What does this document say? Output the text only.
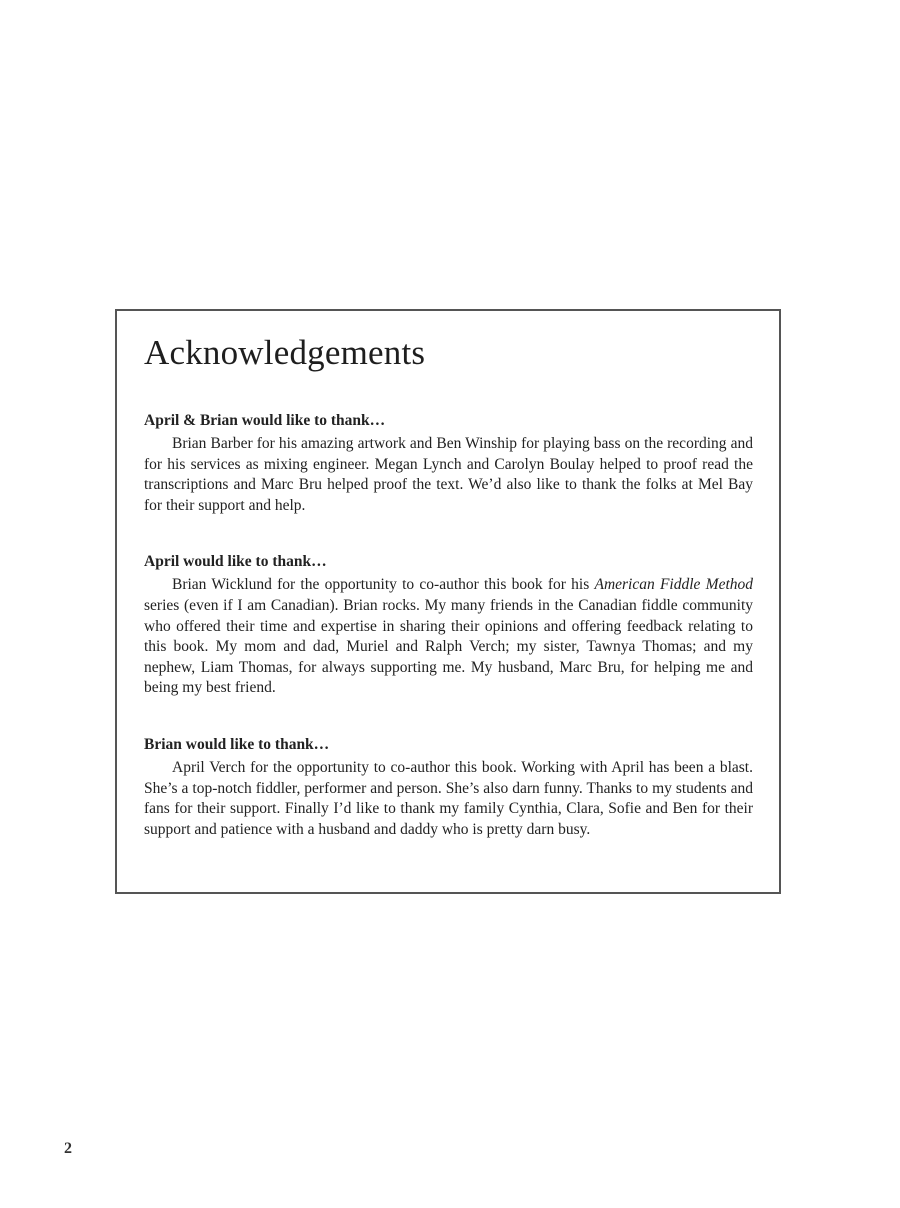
Acknowledgements

April & Brian would like to thank…

Brian Barber for his amazing artwork and Ben Winship for playing bass on the recording and for his services as mixing engineer. Megan Lynch and Carolyn Boulay helped to proof read the transcriptions and Marc Bru helped proof the text. We’d also like to thank the folks at Mel Bay for their support and help.

April would like to thank…

Brian Wicklund for the opportunity to co-author this book for his American Fiddle Method series (even if I am Canadian). Brian rocks. My many friends in the Canadian fiddle community who offered their time and expertise in sharing their opinions and offering feedback relating to this book. My mom and dad, Muriel and Ralph Verch; my sister, Tawnya Thomas; and my nephew, Liam Thomas, for always supporting me. My husband, Marc Bru, for helping me and being my best friend.

Brian would like to thank…

April Verch for the opportunity to co-author this book. Working with April has been a blast. She’s a top-notch fiddler, performer and person. She’s also darn funny. Thanks to my students and fans for their support. Finally I’d like to thank my family Cynthia, Clara, Sofie and Ben for their support and patience with a husband and daddy who is pretty darn busy.

2
